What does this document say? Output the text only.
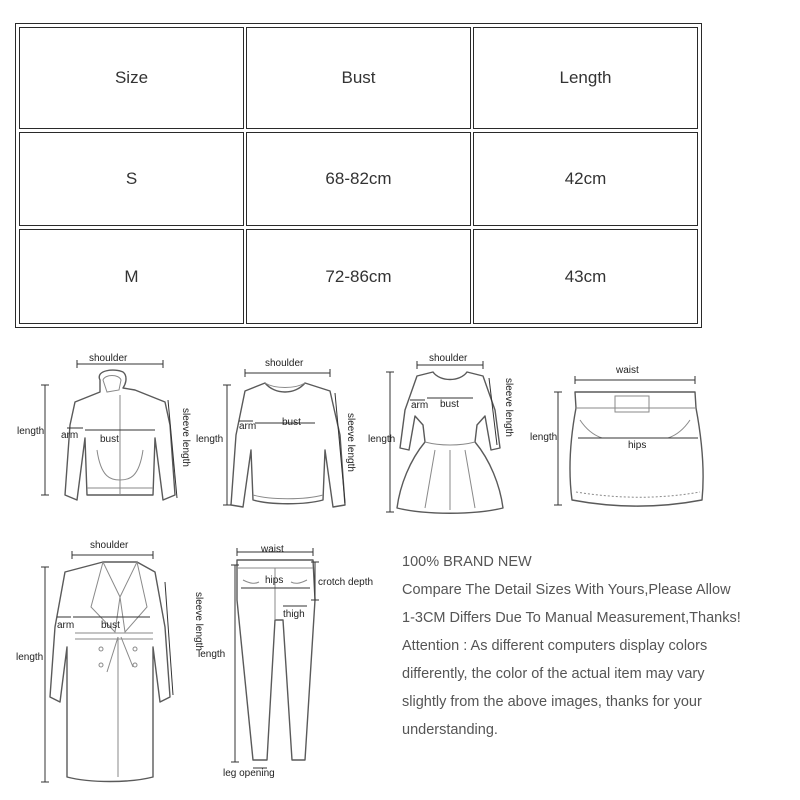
Size	Bust	Length
S	68-82cm	42cm
M	72-86cm	43cm
shoulder
length arm bust	sleeve length
shoulder
length
arm	bust	sleeve length
shoulder
length
arm bust	sleeve length
waist
length
hips
shoulder
length
arm	bust	sleeve length
waist
hips	crotch depth
thigh
length
leg opening
100% BRAND NEW
Compare The Detail Sizes With Yours,Please Allow
1-3CM Differs Due To Manual Measurement,Thanks!
Attention : As different computers display colors
differently, the color of the actual item may vary
slightly from the above images, thanks for your
understanding.
